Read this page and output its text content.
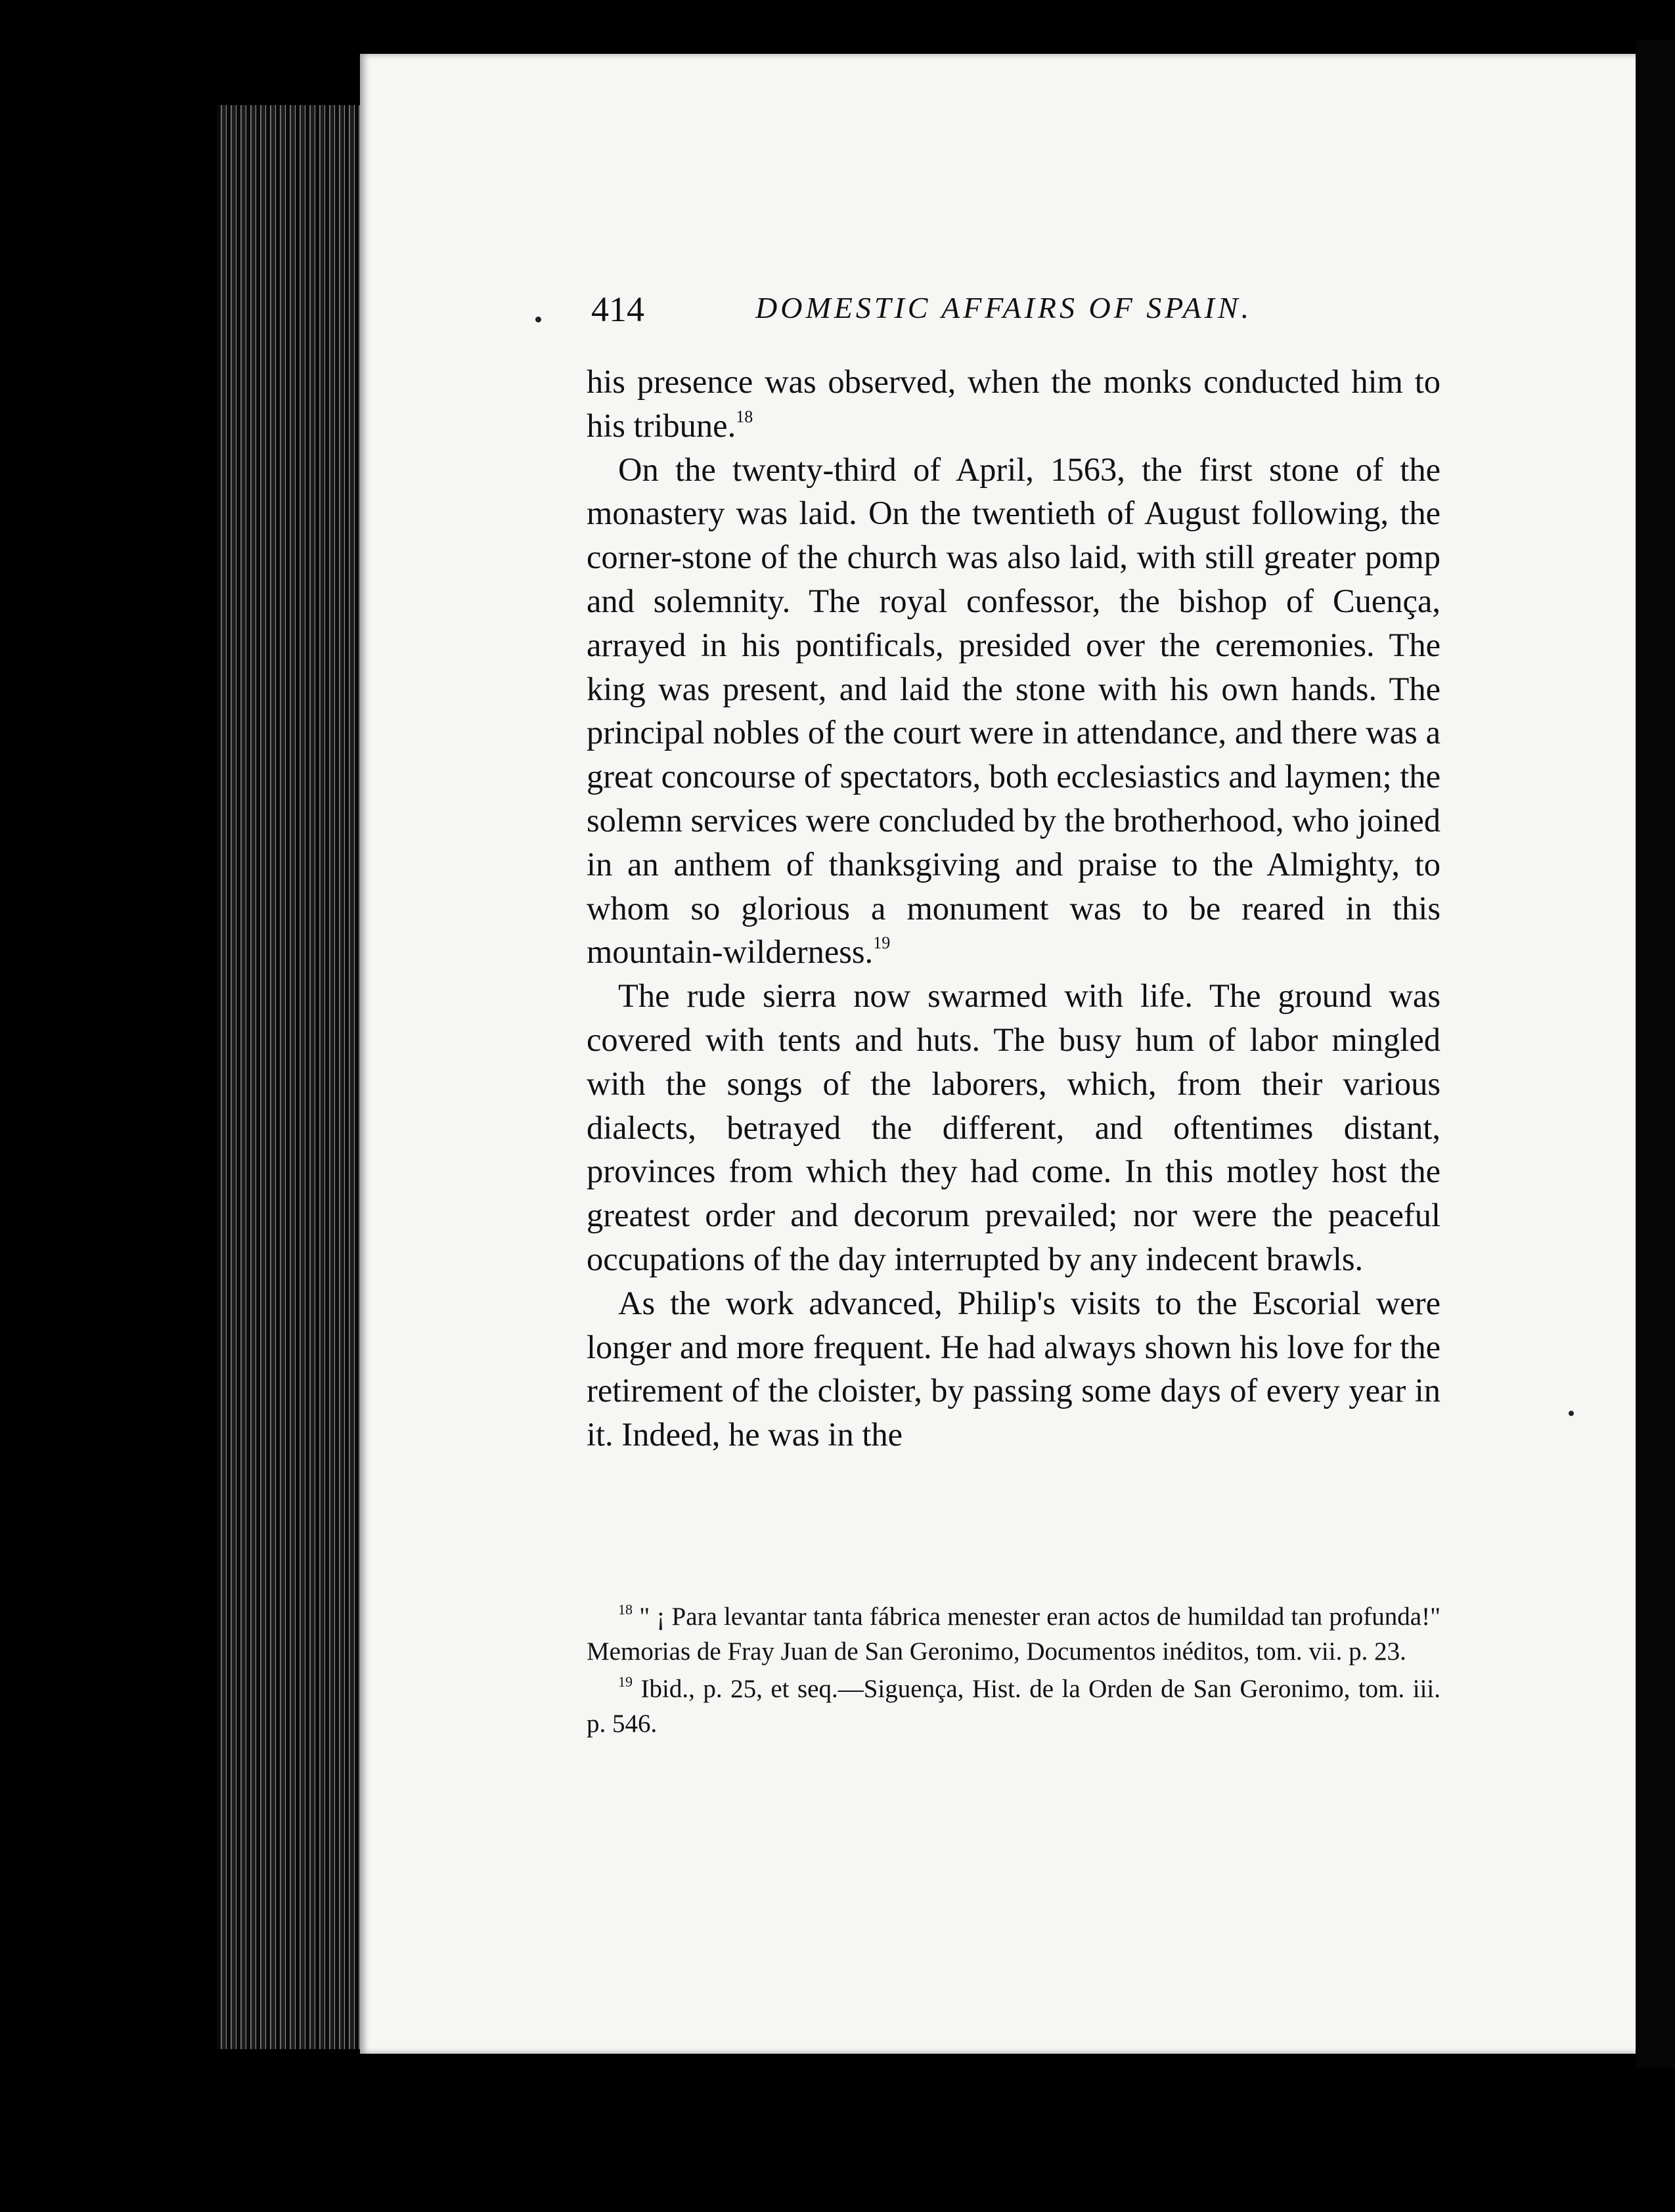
414	DOMESTIC AFFAIRS OF SPAIN.

his presence was observed, when the monks conducted him to his tribune.$^{18}$

On the twenty-third of April, 1563, the first stone of the monastery was laid. On the twentieth of August following, the corner-stone of the church was also laid, with still greater pomp and solemnity. The royal confessor, the bishop of Cuença, arrayed in his pontificals, presided over the ceremonies. The king was present, and laid the stone with his own hands. The principal nobles of the court were in attendance, and there was a great concourse of spectators, both ecclesiastics and laymen; the solemn services were concluded by the brotherhood, who joined in an anthem of thanksgiving and praise to the Almighty, to whom so glorious a monument was to be reared in this mountain-wilderness.$^{19}$

The rude sierra now swarmed with life. The ground was covered with tents and huts. The busy hum of labor mingled with the songs of the laborers, which, from their various dialects, betrayed the different, and oftentimes distant, provinces from which they had come. In this motley host the greatest order and decorum prevailed; nor were the peaceful occupations of the day interrupted by any indecent brawls.

As the work advanced, Philip's visits to the Escorial were longer and more frequent. He had always shown his love for the retirement of the cloister, by passing some days of every year in it. Indeed, he was in the

$^{18}$ " ¡ Para levantar tanta fábrica menester eran actos de humildad tan profunda!" Memorias de Fray Juan de San Geronimo, Documentos inéditos, tom. vii. p. 23.

$^{19}$ Ibid., p. 25, et seq.—Siguença, Hist. de la Orden de San Geronimo, tom. iii. p. 546.
